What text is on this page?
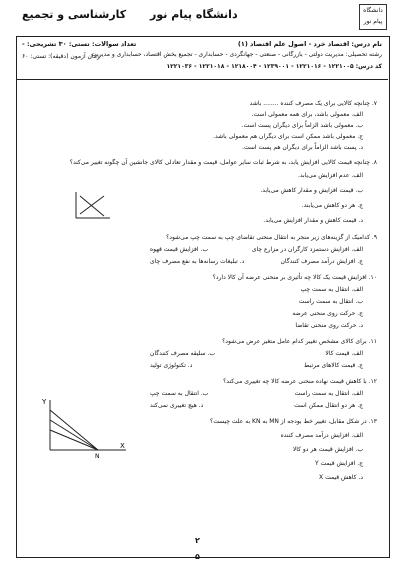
کارشناسی و تجمیع دانشگاه پیام نور	دانشگاه پیام نور
نام درس: اقتصاد خرد - اصول علم اقتصاد (۱)
رشته تحصیلی: مدیریت دولتی - بازرگانی - صنعتی - جهانگردی - حسابداری - تجمیع بخش اقتصاد، حسابداری و مدیریت
کد درس: ۱۲۲۱۰۰۵ - ۱۲۲۱۰۱۶ - ۱۲۳۹۰۰۱ - ۱۲۱۸۰۰۴ - ۱۲۲۱۰۱۸ - ۱۲۲۱۰۳۶
تعداد سوالات: تستی: ۳۰ تشریحی: -
زمان آزمون (دقیقه): تستی: ۶۰
۷. چنانچه کالایی برای یک مصرف کننده ........ باشد
الف. معمولی باشد، برای همه معمولی است.
ب. معمولی باشد الزاماً برای دیگران پست است.
ج. معمولی باشد ممکن است برای دیگران هم معمولی باشد.
د. پست باشد الزاماً برای دیگران هم پست است.
۸. چنانچه قیمت کالایی افزایش یابد، به شرط ثبات سایر عوامل، قیمت و مقدار تعادلی کالای جانشین آن چگونه تغییر می‌کند؟
الف. عدم افزایش می‌یابد.
ب. قیمت افزایش و مقدار کاهش می‌یابد.
ج. هر دو کاهش می‌یابند.
د. قیمت کاهش و مقدار افزایش می‌یابد.
۹. کدامیک از گزینه‌های زیر منجر به انتقال منحنی تقاضای چپ به سمت چپ می‌شود؟
الف. افزایش دستمزد کارگران در مزارع چای
ب. افزایش قیمت قهوه
ج. افزایش درآمد مصرف کنندگان
د. تبلیغات رسانه‌ها به نفع مصرف چای
۱۰. افزایش قیمت یک کالا چه تأثیری بر منحنی عرضه آن کالا دارد؟
الف. انتقال به سمت چپ
ب. انتقال به سمت راست
ج. حرکت روی منحنی عرضه
د. حرکت روی منحنی تقاضا
۱۱. برای کالای مشخص تغییر کدام عامل متغیر عرض می‌شود؟
الف. قیمت کالا
ب. سلیقه مصرف کنندگان
ج. قیمت کالاهای مرتبط
د. تکنولوژی تولید
۱۲. با کاهش قیمت نهاده منحنی عرضه کالا چه تغییری می‌کند؟
الف. انتقال به سمت راست
ب. انتقال به سمت چپ
ج. هر دو انتقال ممکن است
د. هیچ تغییری نمی‌کند
۱۳. در شکل مقابل، تغییر خط بودجه از MN به KN به علت چیست؟
الف. افزایش درآمد مصرف کننده
ب. افزایش قیمت هر دو کالا
ج. افزایش قیمت Y
د. کاهش قیمت X
Y
X
N
۲
۵
